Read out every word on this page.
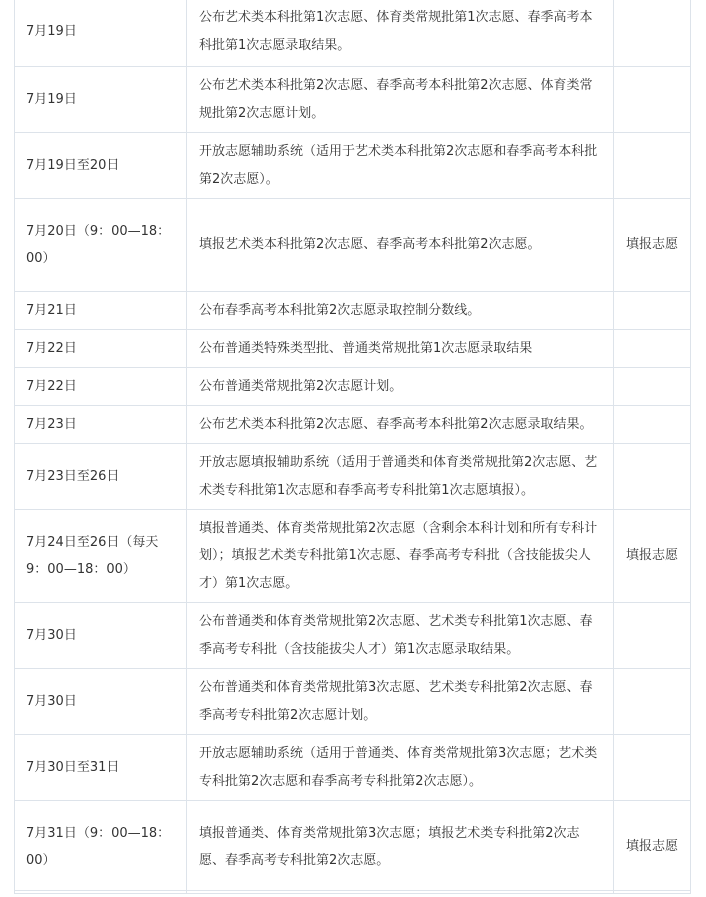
7月19日	公布艺术类本科批第1次志愿、体育类常规批第1次志愿、春季高考本科批第1次志愿录取结果。	
7月19日	公布艺术类本科批第2次志愿、春季高考本科批第2次志愿、体育类常规批第2次志愿计划。	
7月19日至20日	开放志愿辅助系统（适用于艺术类本科批第2次志愿和春季高考本科批第2次志愿）。	
7月20日（9：00—18：00）	填报艺术类本科批第2次志愿、春季高考本科批第2次志愿。	填报志愿
7月21日	公布春季高考本科批第2次志愿录取控制分数线。	
7月22日	公布普通类特殊类型批、普通类常规批第1次志愿录取结果	
7月22日	公布普通类常规批第2次志愿计划。	
7月23日	公布艺术类本科批第2次志愿、春季高考本科批第2次志愿录取结果。	
7月23日至26日	开放志愿填报辅助系统（适用于普通类和体育类常规批第2次志愿、艺术类专科批第1次志愿和春季高考专科批第1次志愿填报）。	
7月24日至26日（每天9：00—18：00）	填报普通类、体育类常规批第2次志愿（含剩余本科计划和所有专科计划）；填报艺术类专科批第1次志愿、春季高考专科批（含技能拔尖人才）第1次志愿。	填报志愿
7月30日	公布普通类和体育类常规批第2次志愿、艺术类专科批第1次志愿、春季高考专科批（含技能拔尖人才）第1次志愿录取结果。	
7月30日	公布普通类和体育类常规批第3次志愿、艺术类专科批第2次志愿、春季高考专科批第2次志愿计划。	
7月30日至31日	开放志愿辅助系统（适用于普通类、体育类常规批第3次志愿；艺术类专科批第2次志愿和春季高考专科批第2次志愿）。	
7月31日（9：00—18：00）	填报普通类、体育类常规批第3次志愿；填报艺术类专科批第2次志愿、春季高考专科批第2次志愿。	填报志愿
